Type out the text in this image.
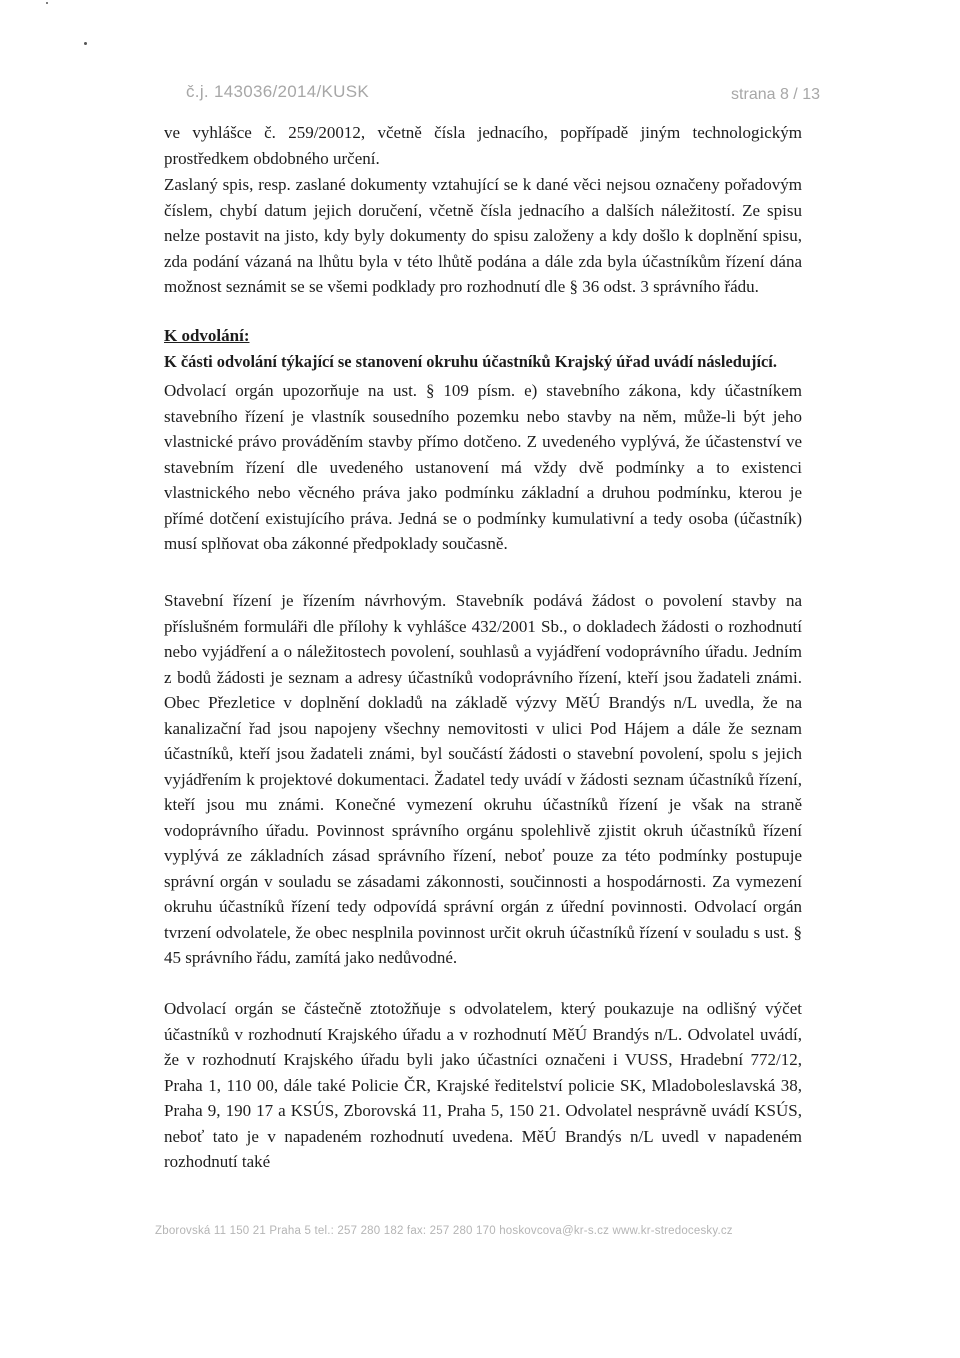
č.j. 143036/2014/KUSK	strana 8 / 13

ve vyhlášce č. 259/20012, včetně čísla jednacího, popřípadě jiným technologickým prostředkem obdobného určení.

Zaslaný spis, resp. zaslané dokumenty vztahující se k dané věci nejsou označeny pořadovým číslem, chybí datum jejich doručení, včetně čísla jednacího a dalších náležitostí. Ze spisu nelze postavit na jisto, kdy byly dokumenty do spisu založeny a kdy došlo k doplnění spisu, zda podání vázaná na lhůtu byla v této lhůtě podána a dále zda byla účastníkům řízení dána možnost seznámit se se všemi podklady pro rozhodnutí dle § 36 odst. 3 správního řádu.

K odvolání:
K části odvolání týkající se stanovení okruhu účastníků Krajský úřad uvádí následující.

Odvolací orgán upozorňuje na ust. § 109 písm. e) stavebního zákona, kdy účastníkem stavebního řízení je vlastník sousedního pozemku nebo stavby na něm, může-li být jeho vlastnické právo prováděním stavby přímo dotčeno. Z uvedeného vyplývá, že účastenství ve stavebním řízení dle uvedeného ustanovení má vždy dvě podmínky a to existenci vlastnického nebo věcného práva jako podmínku základní a druhou podmínku, kterou je přímé dotčení existujícího práva. Jedná se o podmínky kumulativní a tedy osoba (účastník) musí splňovat oba zákonné předpoklady současně.

Stavební řízení je řízením návrhovým. Stavebník podává žádost o povolení stavby na příslušném formuláři dle přílohy k vyhlášce 432/2001 Sb., o dokladech žádosti o rozhodnutí nebo vyjádření a o náležitostech povolení, souhlasů a vyjádření vodoprávního úřadu. Jedním z bodů žádosti je seznam a adresy účastníků vodoprávního řízení, kteří jsou žadateli známi. Obec Přezletice v doplnění dokladů na základě výzvy MěÚ Brandýs n/L uvedla, že na kanalizační řad jsou napojeny všechny nemovitosti v ulici Pod Hájem a dále že seznam účastníků, kteří jsou žadateli známi, byl součástí žádosti o stavební povolení, spolu s jejich vyjádřením k projektové dokumentaci. Žadatel tedy uvádí v žádosti seznam účastníků řízení, kteří jsou mu známi. Konečné vymezení okruhu účastníků řízení je však na straně vodoprávního úřadu. Povinnost správního orgánu spolehlivě zjistit okruh účastníků řízení vyplývá ze základních zásad správního řízení, neboť pouze za této podmínky postupuje správní orgán v souladu se zásadami zákonnosti, součinnosti a hospodárnosti. Za vymezení okruhu účastníků řízení tedy odpovídá správní orgán z úřední povinnosti. Odvolací orgán tvrzení odvolatele, že obec nesplnila povinnost určit okruh účastníků řízení v souladu s ust. § 45 správního řádu, zamítá jako nedůvodné.

Odvolací orgán se částečně ztotožňuje s odvolatelem, který poukazuje na odlišný výčet účastníků v rozhodnutí Krajského úřadu a v rozhodnutí MěÚ Brandýs n/L. Odvolatel uvádí, že v rozhodnutí Krajského úřadu byli jako účastníci označeni i VUSS, Hradební 772/12, Praha 1, 110 00, dále také Policie ČR, Krajské ředitelství policie SK, Mladoboleslavská 38, Praha 9, 190 17 a KSÚS, Zborovská 11, Praha 5, 150 21. Odvolatel nesprávně uvádí KSÚS, neboť tato je v napadeném rozhodnutí uvedena. MěÚ Brandýs n/L uvedl v napadeném rozhodnutí také

Zborovská 11 150 21 Praha 5 tel.: 257 280 182 fax: 257 280 170 hoskovcova@kr-s.cz www.kr-stredocesky.cz
